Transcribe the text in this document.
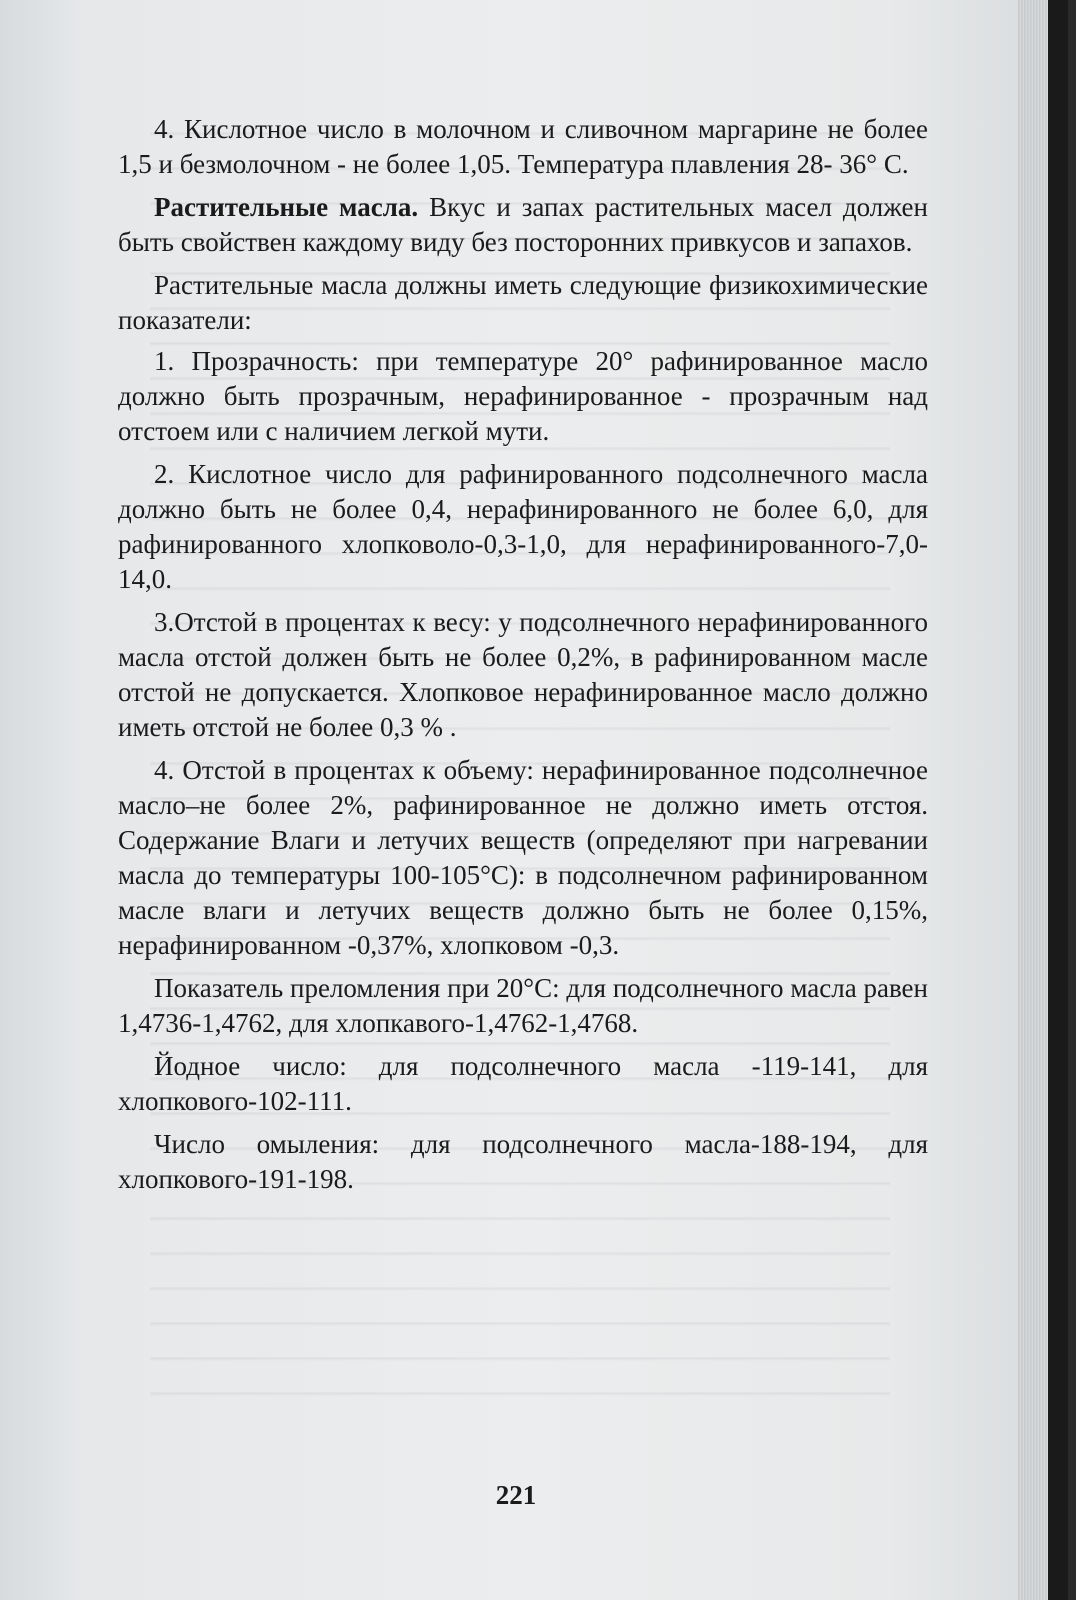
4. Кислотное число в молочном и сливочном маргарине не более 1,5 и безмолочном - не более 1,05. Температура плавления 28- 36° С.

Растительные масла. Вкус и запах растительных масел должен быть свойствен каждому виду без посторонних привкусов и запахов.

Растительные масла должны иметь следующие физикохимические показатели:

1. Прозрачность: при температуре 20° рафинированное масло должно быть прозрачным, нерафинированное - прозрачным над отстоем или с наличием легкой мути.

2. Кислотное число для рафинированного подсолнечного масла должно быть не более 0,4, нерафинированного не более 6,0, для рафинированного хлопковоло-0,3-1,0, для нерафинированного-7,0-14,0.

3.Отстой в процентах к весу: у подсолнечного нерафинированного масла отстой должен быть не более 0,2%, в рафинированном масле отстой не допускается. Хлопковое нерафинированное масло должно иметь отстой не более 0,3 % .

4. Отстой в процентах к объему: нерафинированное подсолнечное масло–не более 2%, рафинированное не должно иметь отстоя. Содержание Влаги и летучих веществ (определяют при нагревании масла до температуры 100-105°С): в подсолнечном рафинированном масле влаги и летучих веществ должно быть не более 0,15%, нерафинированном -0,37%, хлопковом -0,3.

Показатель преломления при 20°С: для подсолнечного масла равен 1,4736-1,4762, для хлопкавого-1,4762-1,4768.

Йодное число: для подсолнечного масла -119-141, для хлопкового-102-111.

Число омыления: для подсолнечного масла-188-194, для хлопкового-191-198.

221
